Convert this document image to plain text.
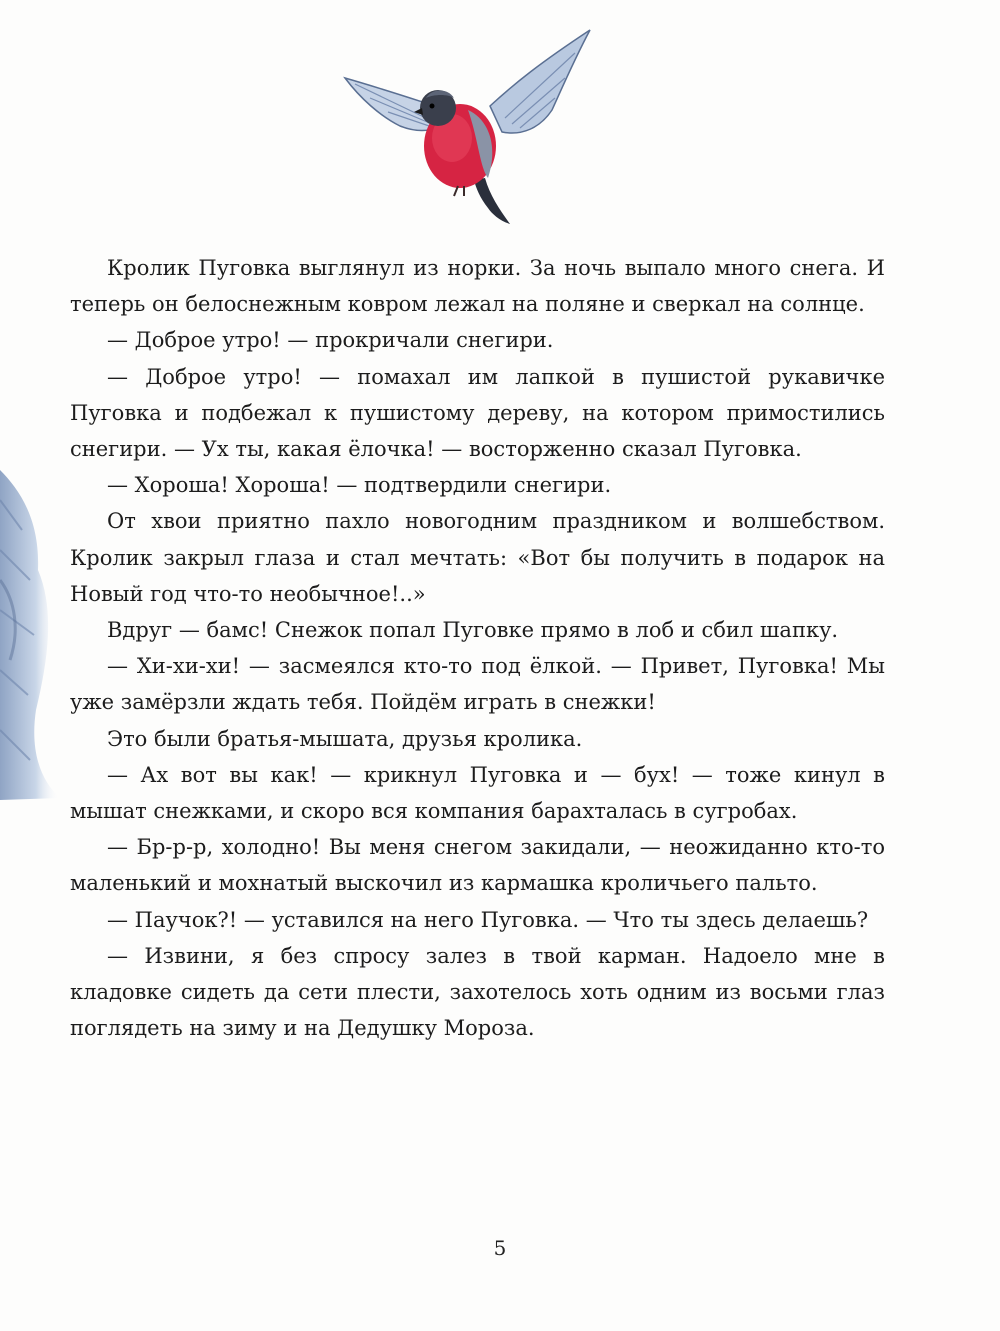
Кролик Пуговка выглянул из норки. За ночь выпало много снега. И теперь он белоснежным ковром лежал на поляне и сверкал на солнце.

— Доброе утро! — прокричали снегири.

— Доброе утро! — помахал им лапкой в пушистой рукавичке Пуговка и подбежал к пушистому дереву, на котором примостились снегири. — Ух ты, какая ёлочка! — восторженно сказал Пуговка.

— Хороша! Хороша! — подтвердили снегири.

От хвои приятно пахло новогодним праздником и волшебством. Кролик закрыл глаза и стал мечтать: «Вот бы получить в подарок на Новый год что-то необычное!..»

Вдруг — бамс! Снежок попал Пуговке прямо в лоб и сбил шапку.

— Хи-хи-хи! — засмеялся кто-то под ёлкой. — Привет, Пуговка! Мы уже замёрзли ждать тебя. Пойдём играть в снежки!

Это были братья-мышата, друзья кролика.

— Ах вот вы как! — крикнул Пуговка и — бух! — тоже кинул в мышат снежками, и скоро вся компания барахталась в сугробах.

— Бр-р-р, холодно! Вы меня снегом закидали, — неожиданно кто-то маленький и мохнатый выскочил из кармашка кроличьего пальто.

— Паучок?! — уставился на него Пуговка. — Что ты здесь делаешь?

— Извини, я без спросу залез в твой карман. Надоело мне в кладовке сидеть да сети плести, захотелось хоть одним из восьми глаз поглядеть на зиму и на Дедушку Мороза.

5
